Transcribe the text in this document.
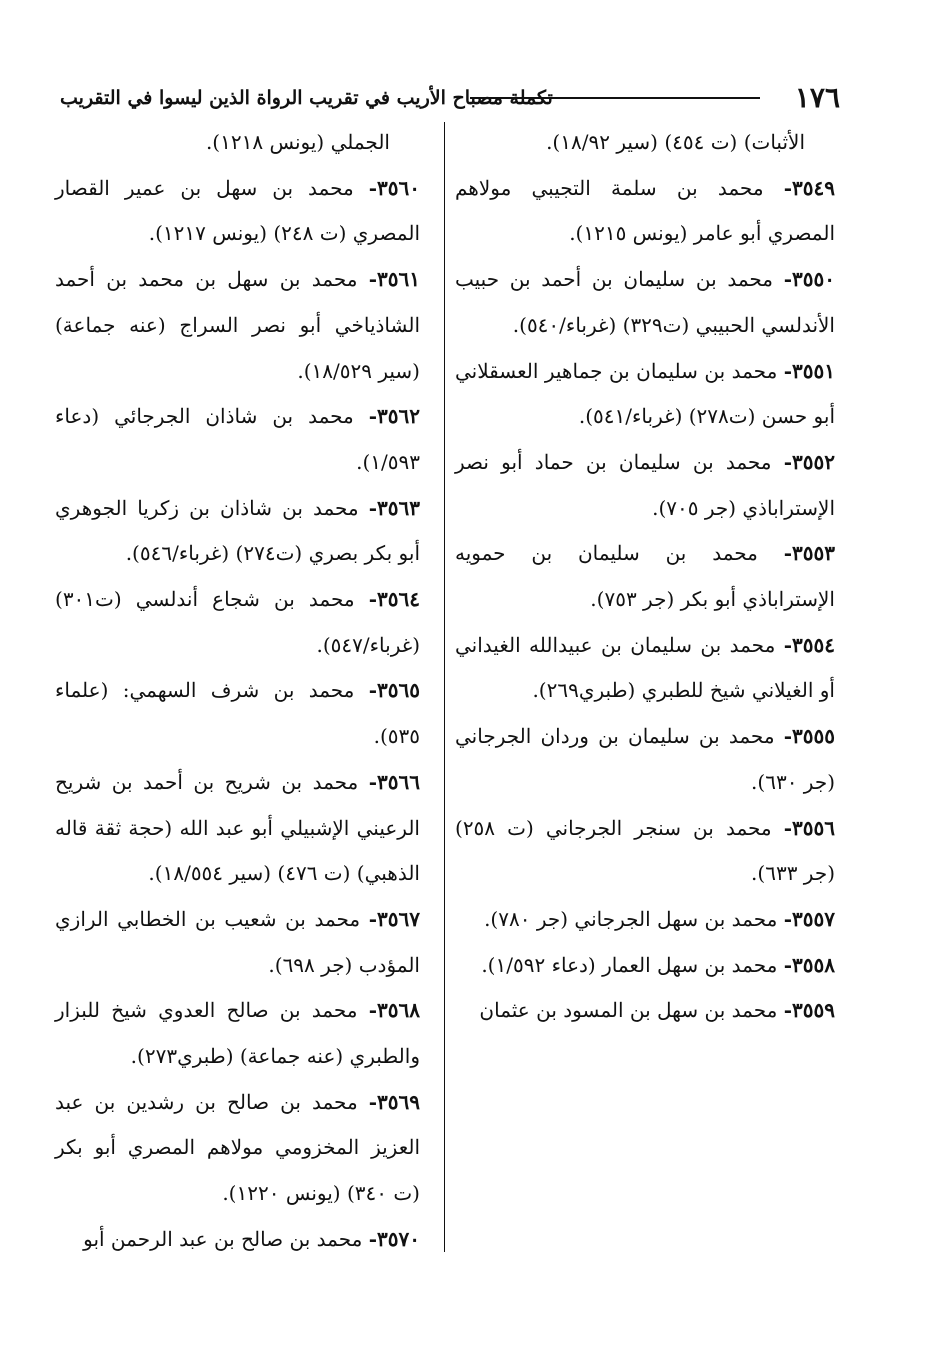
١٧٦
تكملة مصباح الأريب في تقريب الرواة الذين ليسوا في التقريب

الأثبات) (ت ٤٥٤) (سير ١٨/٩٢).

٣٥٤٩- محمد بن سلمة التجيبي مولاهم المصري أبو عامر (يونس ١٢١٥).

٣٥٥٠- محمد بن سليمان بن أحمد بن حبيب الأندلسي الحبيبي (ت٣٢٩) (غرباء/٥٤٠).

٣٥٥١- محمد بن سليمان بن جماهير العسقلاني أبو حسن (ت٢٧٨) (غرباء/٥٤١).

٣٥٥٢- محمد بن سليمان بن حماد أبو نصر الإستراباذي (جر ٧٠٥).

٣٥٥٣- محمد بن سليمان بن حمويه الإستراباذي أبو بكر (جر ٧٥٣).

٣٥٥٤- محمد بن سليمان بن عبيدالله الغيداني أو الغيلاني شيخ للطبري (طبري٢٦٩).

٣٥٥٥- محمد بن سليمان بن وردان الجرجاني (جر ٦٣٠).

٣٥٥٦- محمد بن سنجر الجرجاني (ت ٢٥٨) (جر ٦٣٣).

٣٥٥٧- محمد بن سهل الجرجاني (جر ٧٨٠).

٣٥٥٨- محمد بن سهل العمار (دعاء ١/٥٩٢).

٣٥٥٩- محمد بن سهل بن المسود بن عثمان

الجملي (يونس ١٢١٨).

٣٥٦٠- محمد بن سهل بن عمير القصار المصري (ت ٢٤٨) (يونس ١٢١٧).

٣٥٦١- محمد بن سهل بن محمد بن أحمد الشاذياخي أبو نصر السراج (عنه جماعة) (سير ١٨/٥٢٩).

٣٥٦٢- محمد بن شاذان الجرجائي (دعاء ١/٥٩٣).

٣٥٦٣- محمد بن شاذان بن زكريا الجوهري أبو بكر بصري (ت٢٧٤) (غرباء/٥٤٦).

٣٥٦٤- محمد بن شجاع أندلسي (ت٣٠١) (غرباء/٥٤٧).

٣٥٦٥- محمد بن شرف السهمي: (علماء ٥٣٥).

٣٥٦٦- محمد بن شريح بن أحمد بن شريح الرعيني الإشبيلي أبو عبد الله (حجة ثقة قاله الذهبي) (ت ٤٧٦) (سير ١٨/٥٥٤).

٣٥٦٧- محمد بن شعيب بن الخطابي الرازي المؤدب (جر ٦٩٨).

٣٥٦٨- محمد بن صالح العدوي شيخ للبزار والطبري (عنه جماعة) (طبري٢٧٣).

٣٥٦٩- محمد بن صالح بن رشدين بن عبد العزيز المخزومي مولاهم المصري أبو بكر (ت ٣٤٠) (يونس ١٢٢٠).

٣٥٧٠- محمد بن صالح بن عبد الرحمن أبو
